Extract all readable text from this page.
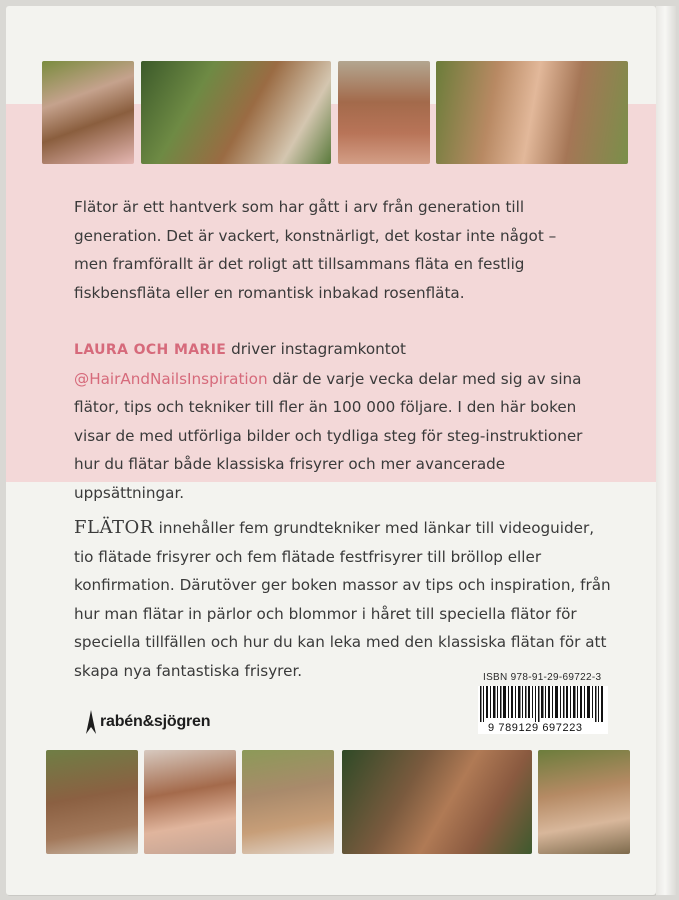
Flätor är ett hantverk som har gått i arv från generation till generation. Det är vackert, konstnärligt, det kostar inte något – men framförallt är det roligt att tillsammans fläta en festlig fiskbensfläta eller en romantisk inbakad rosenfläta.
LAURA OCH MARIE driver instagramkontot @HairAndNailsInspiration där de varje vecka delar med sig av sina flätor, tips och tekniker till fler än 100 000 följare. I den här boken visar de med utförliga bilder och tydliga steg för steg-instruktioner hur du flätar både klassiska frisyrer och mer avancerade uppsättningar.
FLÄTOR innehåller fem grundtekniker med länkar till videoguider, tio flätade frisyrer och fem flätade festfrisyrer till bröllop eller konfirmation. Därutöver ger boken massor av tips och inspiration, från hur man flätar in pärlor och blommor i håret till speciella flätor för speciella tillfällen och hur du kan leka med den klassiska flätan för att skapa nya fantastiska frisyrer.	ISBN 978-91-29-69722-3
9 789129 697223
rabén&sjögren
